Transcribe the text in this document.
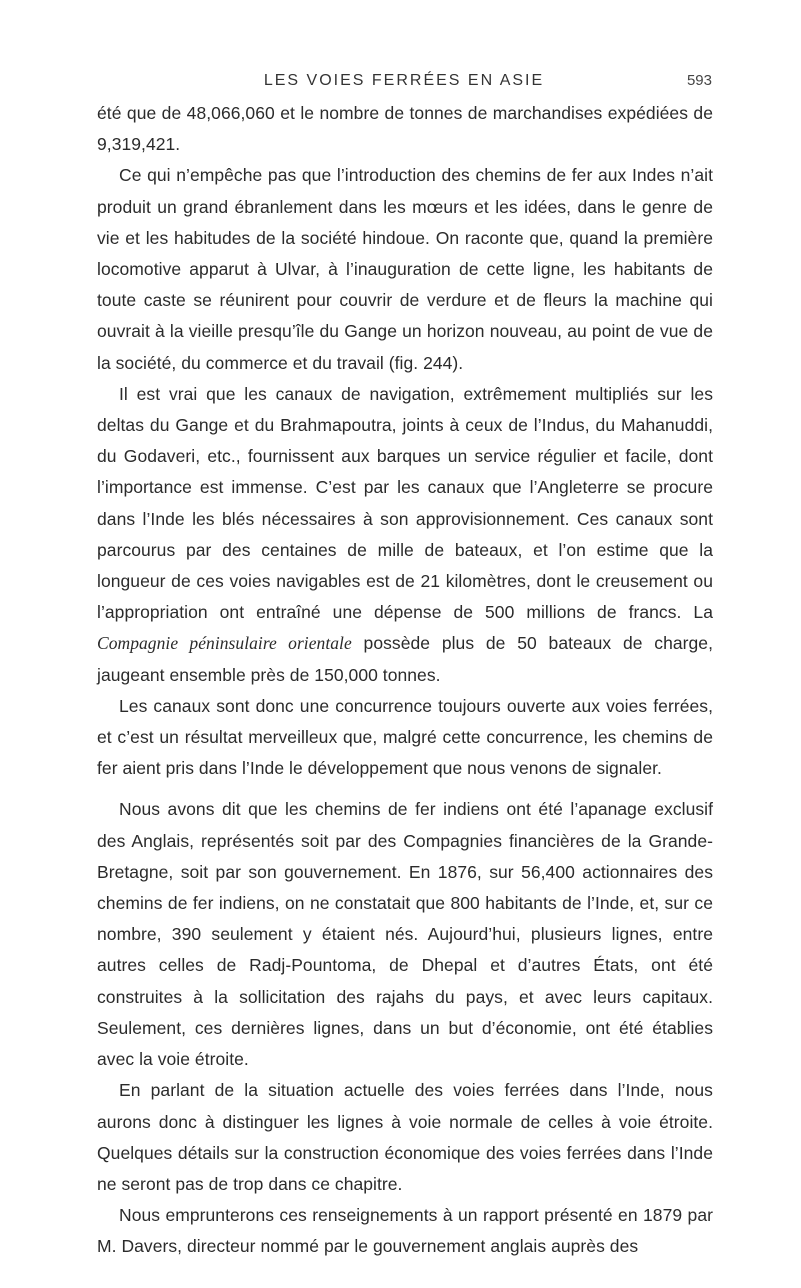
LES VOIES FERRÉES EN ASIE	593

été que de 48,066,060 et le nombre de tonnes de marchandises expédiées de 9,319,421.

Ce qui n’empêche pas que l’introduction des chemins de fer aux Indes n’ait produit un grand ébranlement dans les mœurs et les idées, dans le genre de vie et les habitudes de la société hindoue. On raconte que, quand la première locomotive apparut à Ulvar, à l’inauguration de cette ligne, les habitants de toute caste se réunirent pour couvrir de verdure et de fleurs la machine qui ouvrait à la vieille presqu’île du Gange un horizon nouveau, au point de vue de la société, du commerce et du travail (fig. 244).

Il est vrai que les canaux de navigation, extrêmement multipliés sur les deltas du Gange et du Brahmapoutra, joints à ceux de l’Indus, du Mahanuddi, du Godaveri, etc., fournissent aux barques un service régulier et facile, dont l’importance est immense. C’est par les canaux que l’Angleterre se procure dans l’Inde les blés nécessaires à son approvisionnement. Ces canaux sont parcourus par des centaines de mille de bateaux, et l’on estime que la longueur de ces voies navigables est de 21 kilomètres, dont le creusement ou l’appropriation ont entraîné une dépense de 500 millions de francs. La Compagnie péninsulaire orientale possède plus de 50 bateaux de charge, jaugeant ensemble près de 150,000 tonnes.

Les canaux sont donc une concurrence toujours ouverte aux voies ferrées, et c’est un résultat merveilleux que, malgré cette concurrence, les chemins de fer aient pris dans l’Inde le développement que nous venons de signaler.

Nous avons dit que les chemins de fer indiens ont été l’apanage exclusif des Anglais, représentés soit par des Compagnies financières de la Grande-Bretagne, soit par son gouvernement. En 1876, sur 56,400 actionnaires des chemins de fer indiens, on ne constatait que 800 habitants de l’Inde, et, sur ce nombre, 390 seulement y étaient nés. Aujourd’hui, plusieurs lignes, entre autres celles de Radj-Pountoma, de Dhepal et d’autres États, ont été construites à la sollicitation des rajahs du pays, et avec leurs capitaux. Seulement, ces dernières lignes, dans un but d’économie, ont été établies avec la voie étroite.

En parlant de la situation actuelle des voies ferrées dans l’Inde, nous aurons donc à distinguer les lignes à voie normale de celles à voie étroite. Quelques détails sur la construction économique des voies ferrées dans l’Inde ne seront pas de trop dans ce chapitre.

Nous emprunterons ces renseignements à un rapport présenté en 1879 par M. Davers, directeur nommé par le gouvernement anglais auprès des
